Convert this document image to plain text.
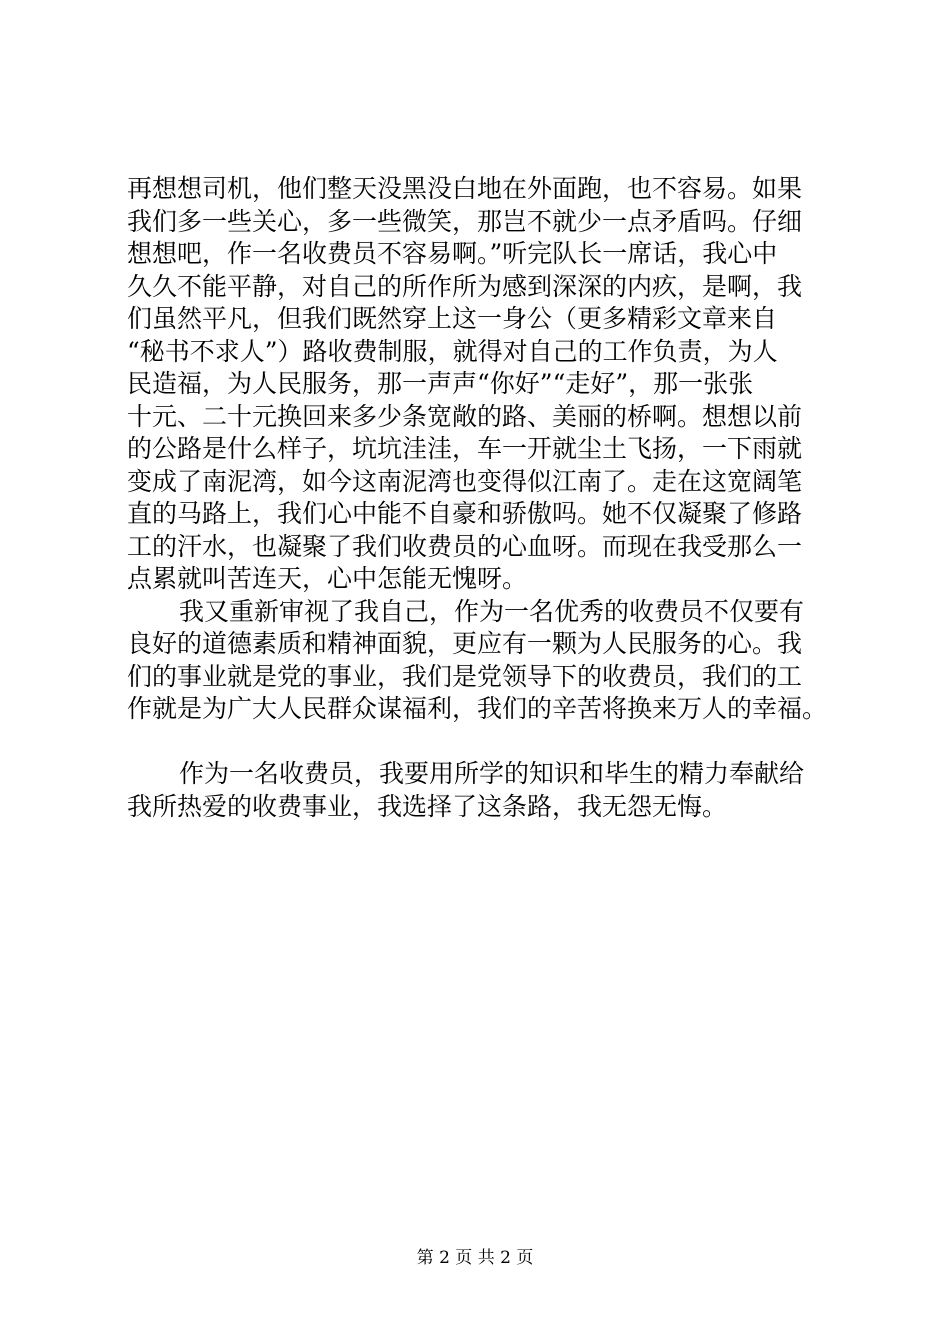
再想想司机，他们整天没黑没白地在外面跑，也不容易。如果
我们多一些关心，多一些微笑，那岂不就少一点矛盾吗。仔细
想想吧，作一名收费员不容易啊。”听完队长一席话，我心中
久久不能平静，对自己的所作所为感到深深的内疚，是啊，我
们虽然平凡，但我们既然穿上这一身公（更多精彩文章来自
“秘书不求人”）路收费制服，就得对自己的工作负责，为人
民造福，为人民服务，那一声声“你好”“走好”，那一张张
十元、二十元换回来多少条宽敞的路、美丽的桥啊。想想以前
的公路是什么样子，坑坑洼洼，车一开就尘土飞扬，一下雨就
变成了南泥湾，如今这南泥湾也变得似江南了。走在这宽阔笔
直的马路上，我们心中能不自豪和骄傲吗。她不仅凝聚了修路
工的汗水，也凝聚了我们收费员的心血呀。而现在我受那么一
点累就叫苦连天，心中怎能无愧呀。
我又重新审视了我自己，作为一名优秀的收费员不仅要有
良好的道德素质和精神面貌，更应有一颗为人民服务的心。我
们的事业就是党的事业，我们是党领导下的收费员，我们的工
作就是为广大人民群众谋福利，我们的辛苦将换来万人的幸福。
作为一名收费员，我要用所学的知识和毕生的精力奉献给
我所热爱的收费事业，我选择了这条路，我无怨无悔。
第 2 页 共 2 页
